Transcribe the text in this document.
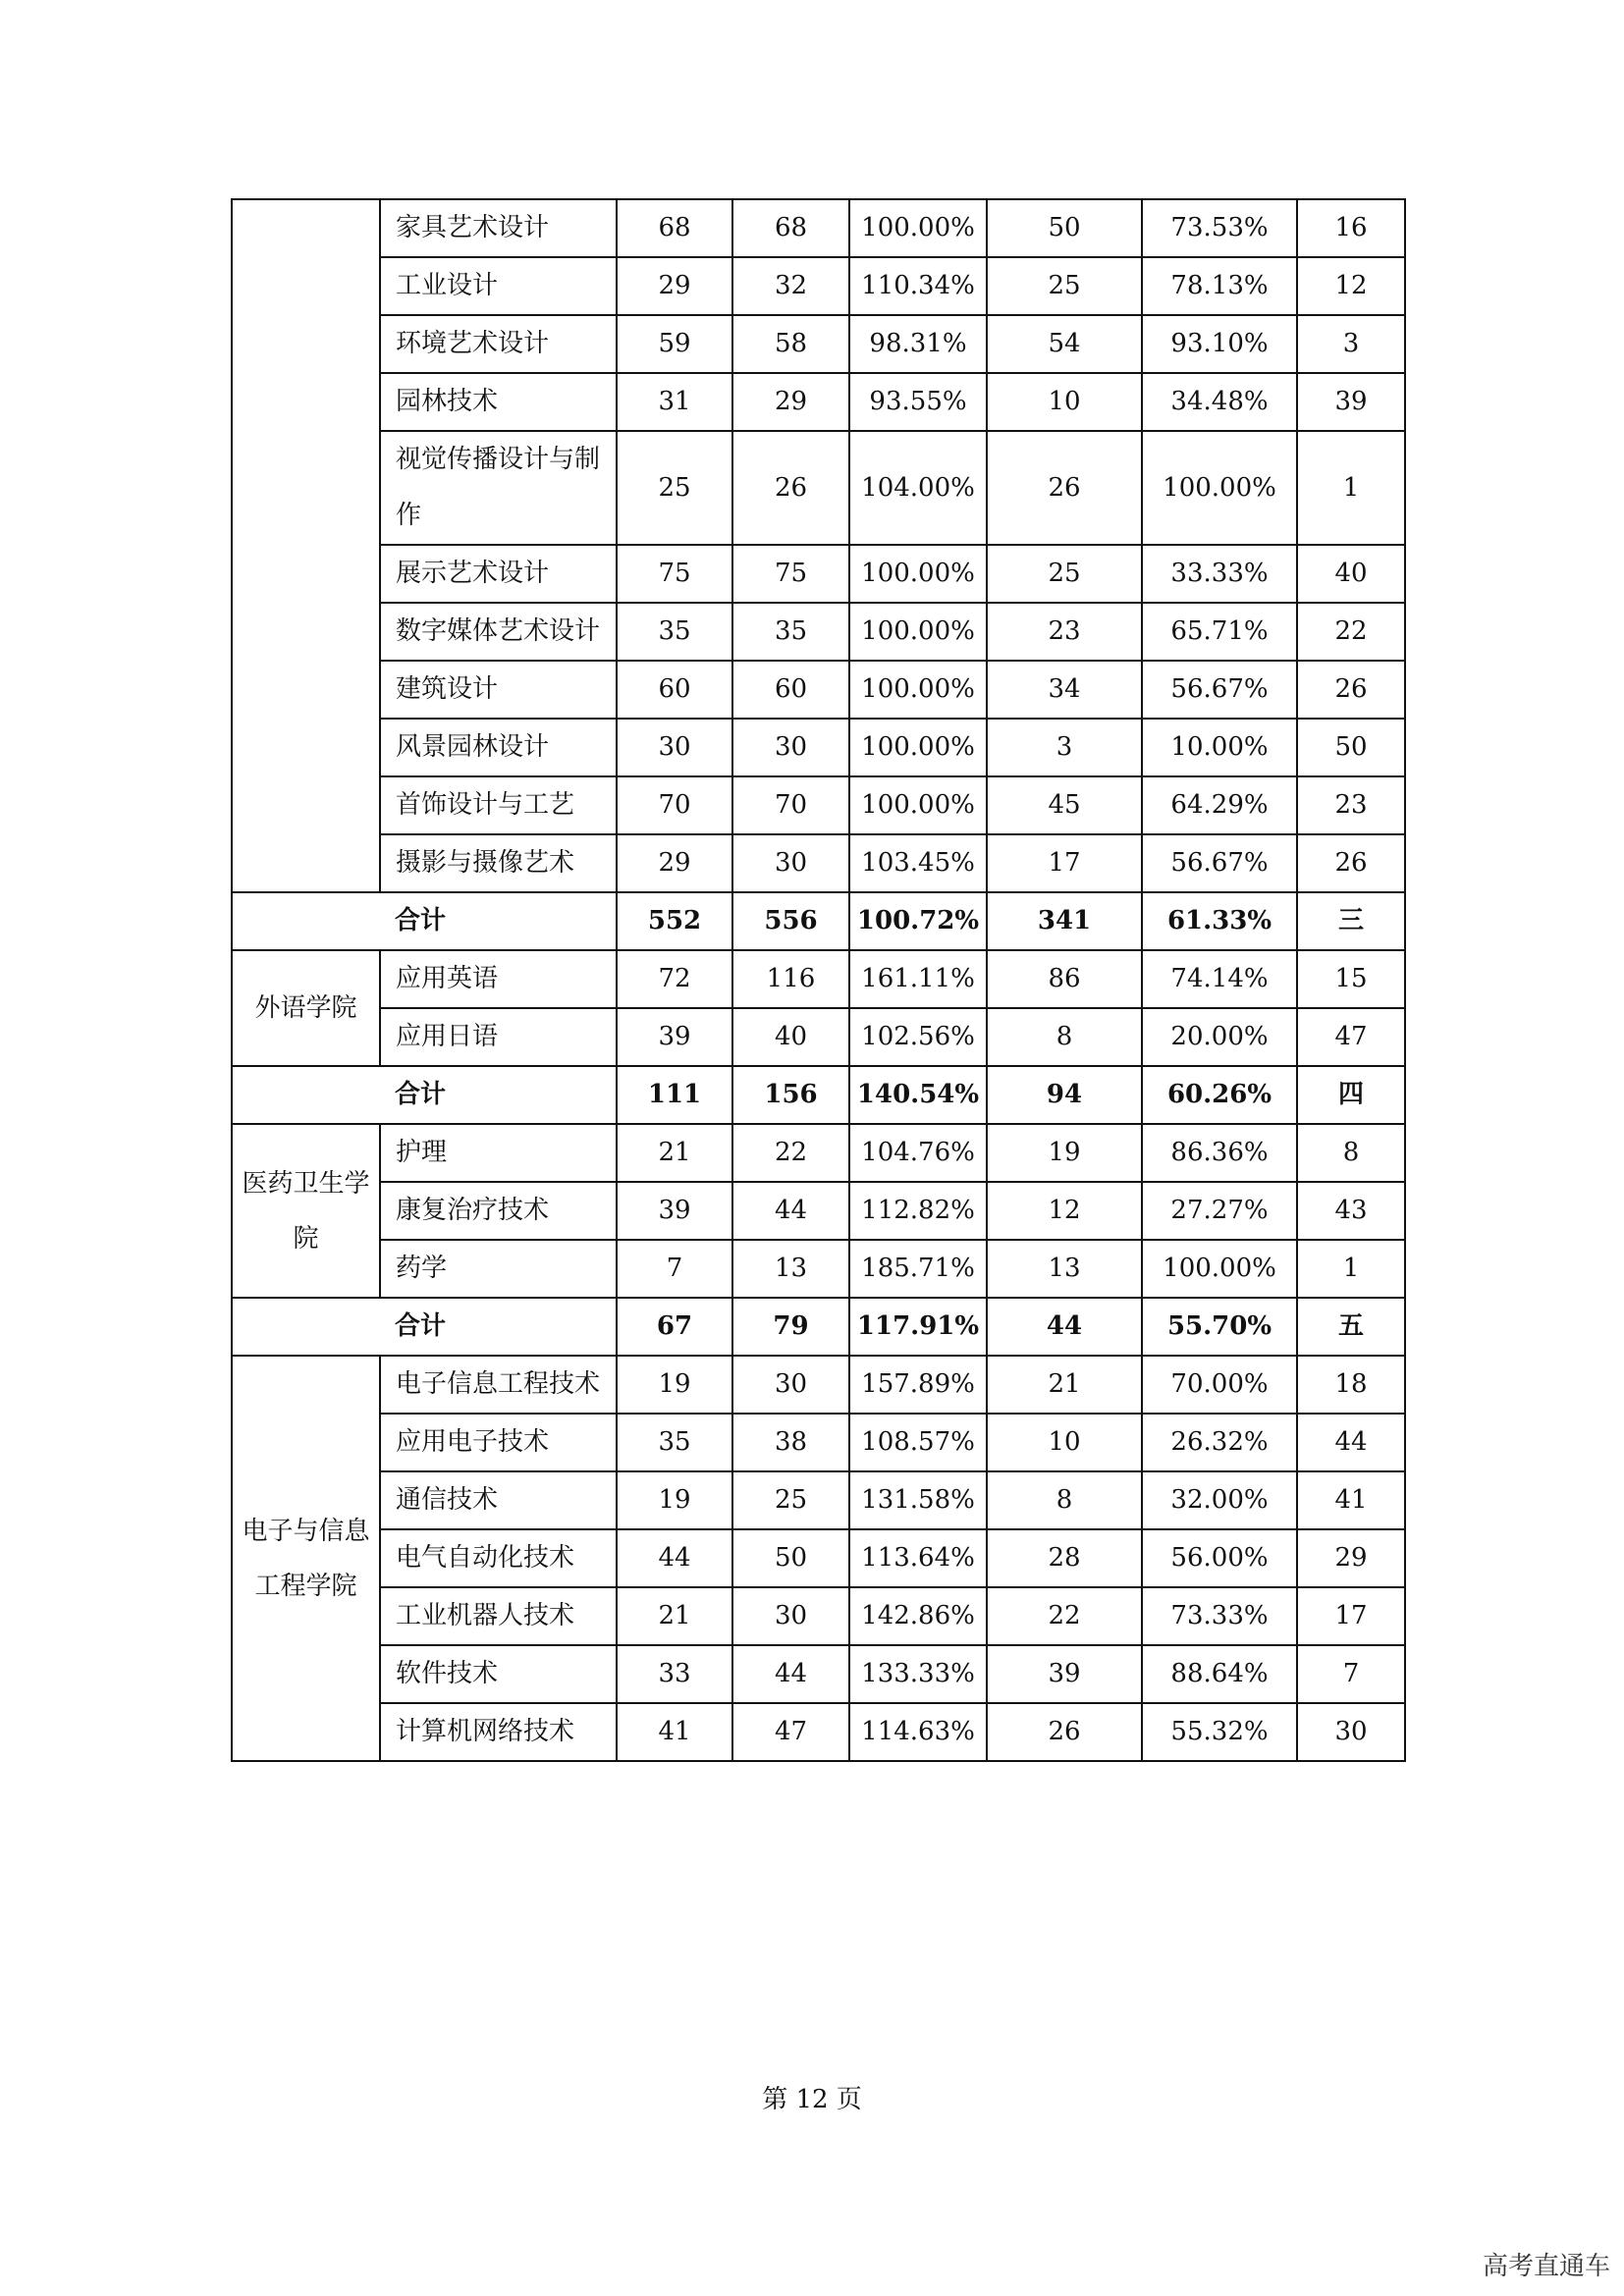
	家具艺术设计	68	68	100.00%	50	73.53%	16
	工业设计	29	32	110.34%	25	78.13%	12
	环境艺术设计	59	58	98.31%	54	93.10%	3
	园林技术	31	29	93.55%	10	34.48%	39
	视觉传播设计与制作	25	26	104.00%	26	100.00%	1
	展示艺术设计	75	75	100.00%	25	33.33%	40
	数字媒体艺术设计	35	35	100.00%	23	65.71%	22
	建筑设计	60	60	100.00%	34	56.67%	26
	风景园林设计	30	30	100.00%	3	10.00%	50
	首饰设计与工艺	70	70	100.00%	45	64.29%	23
	摄影与摄像艺术	29	30	103.45%	17	56.67%	26
合计		552	556	100.72%	341	61.33%	三
外语学院	应用英语	72	116	161.11%	86	74.14%	15
	应用日语	39	40	102.56%	8	20.00%	47
合计		111	156	140.54%	94	60.26%	四
医药卫生学院	护理	21	22	104.76%	19	86.36%	8
	康复治疗技术	39	44	112.82%	12	27.27%	43
	药学	7	13	185.71%	13	100.00%	1
合计		67	79	117.91%	44	55.70%	五
电子与信息工程学院	电子信息工程技术	19	30	157.89%	21	70.00%	18
	应用电子技术	35	38	108.57%	10	26.32%	44
	通信技术	19	25	131.58%	8	32.00%	41
	电气自动化技术	44	50	113.64%	28	56.00%	29
	工业机器人技术	21	30	142.86%	22	73.33%	17
	软件技术	33	44	133.33%	39	88.64%	7
	计算机网络技术	41	47	114.63%	26	55.32%	30
第 12 页
高考直通车
